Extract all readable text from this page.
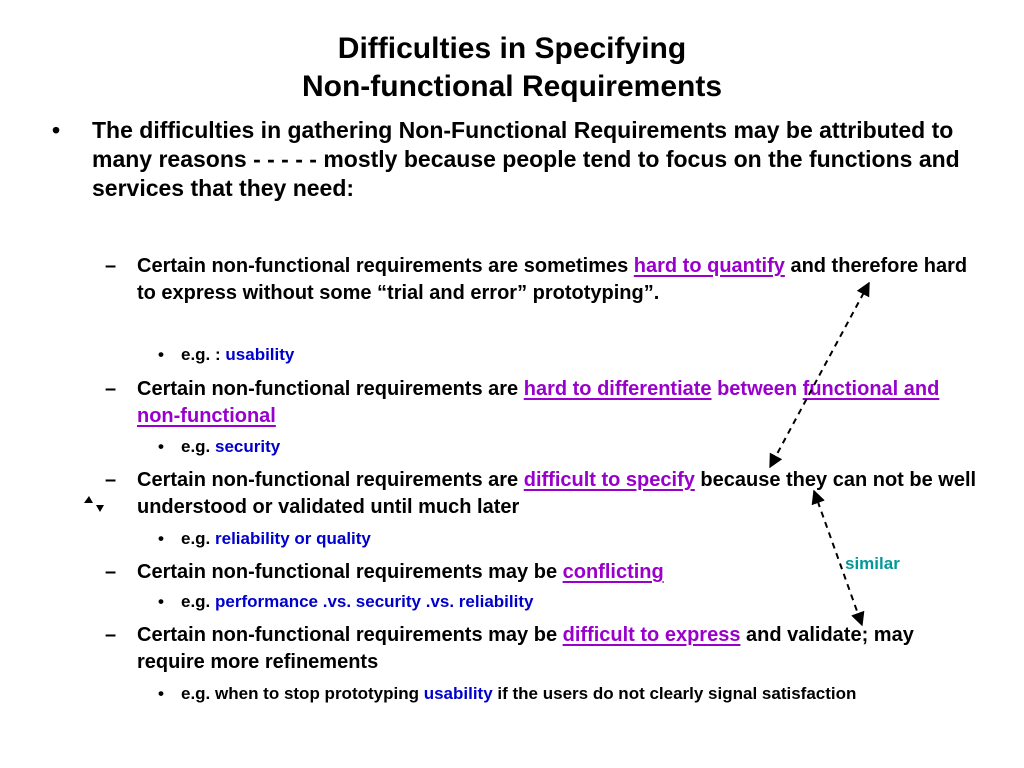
Difficulties in Specifying
Non-functional Requirements
• The difficulties in gathering Non-Functional Requirements may be attributed to many reasons - - - - - mostly because people tend to focus on the functions and services that they need:
– Certain non-functional requirements are sometimes hard to quantify and therefore hard to express without some “trial and error” prototyping”.
• e.g. : usability
– Certain non-functional requirements are hard to differentiate between functional and non-functional
• e.g. security
– Certain non-functional requirements are difficult to specify because they can not be well understood or validated until much later
• e.g. reliability or quality
– Certain non-functional requirements may be conflicting
• e.g. performance .vs. security .vs. reliability
– Certain non-functional requirements may be difficult to express and validate; may require more refinements
• e.g. when to stop prototyping usability if the users do not clearly signal satisfaction
similar
